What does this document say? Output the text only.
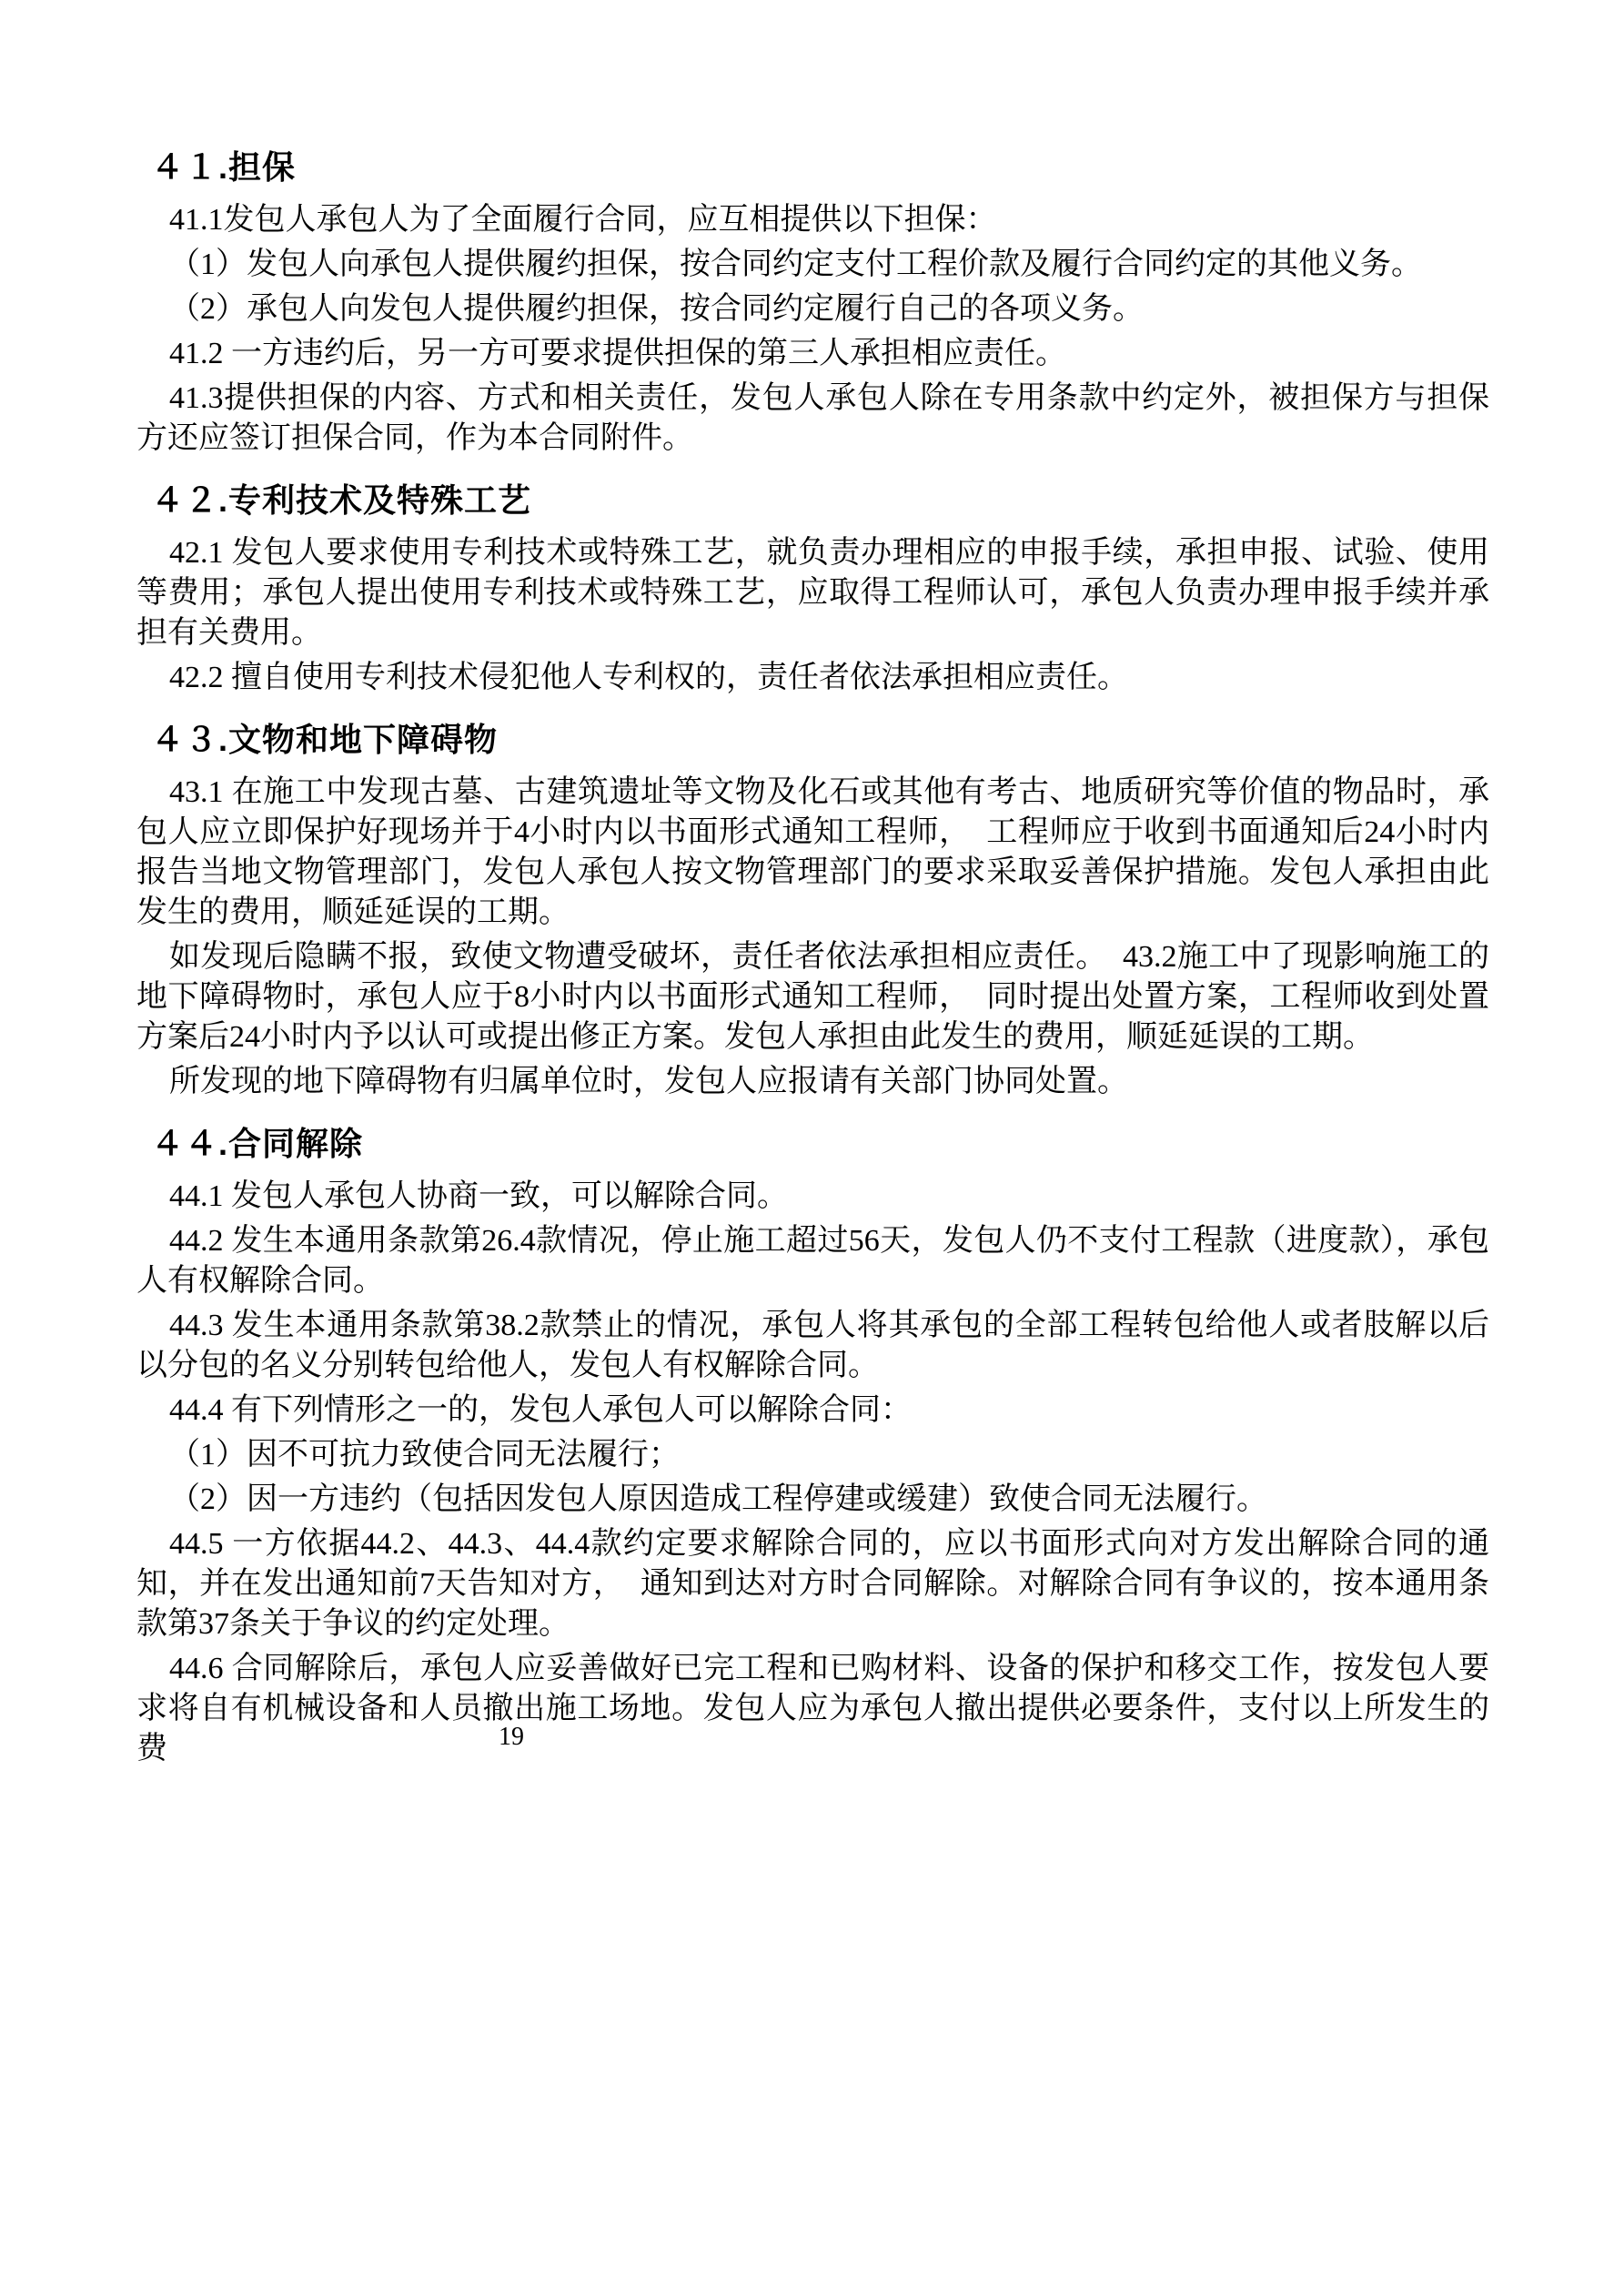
４１.担保

41.1发包人承包人为了全面履行合同，应互相提供以下担保：

（1）发包人向承包人提供履约担保，按合同约定支付工程价款及履行合同约定的其他义务。

（2）承包人向发包人提供履约担保，按合同约定履行自己的各项义务。

41.2 一方违约后，另一方可要求提供担保的第三人承担相应责任。

41.3提供担保的内容、方式和相关责任，发包人承包人除在专用条款中约定外，被担保方与担保方还应签订担保合同，作为本合同附件。

４２.专利技术及特殊工艺

42.1 发包人要求使用专利技术或特殊工艺，就负责办理相应的申报手续，承担申报、试验、使用等费用；承包人提出使用专利技术或特殊工艺，应取得工程师认可，承包人负责办理申报手续并承担有关费用。

42.2 擅自使用专利技术侵犯他人专利权的，责任者依法承担相应责任。

４３.文物和地下障碍物

43.1 在施工中发现古墓、古建筑遗址等文物及化石或其他有考古、地质研究等价值的物品时，承包人应立即保护好现场并于4小时内以书面形式通知工程师，　工程师应于收到书面通知后24小时内报告当地文物管理部门，发包人承包人按文物管理部门的要求采取妥善保护措施。发包人承担由此发生的费用，顺延延误的工期。

如发现后隐瞒不报，致使文物遭受破坏，责任者依法承担相应责任。　43.2施工中了现影响施工的地下障碍物时，承包人应于8小时内以书面形式通知工程师，　同时提出处置方案，工程师收到处置方案后24小时内予以认可或提出修正方案。发包人承担由此发生的费用，顺延延误的工期。

所发现的地下障碍物有归属单位时，发包人应报请有关部门协同处置。

４４.合同解除

44.1 发包人承包人协商一致，可以解除合同。

44.2 发生本通用条款第26.4款情况，停止施工超过56天，发包人仍不支付工程款（进度款），承包人有权解除合同。

44.3 发生本通用条款第38.2款禁止的情况，承包人将其承包的全部工程转包给他人或者肢解以后以分包的名义分别转包给他人，发包人有权解除合同。

44.4 有下列情形之一的，发包人承包人可以解除合同：

（1）因不可抗力致使合同无法履行；

（2）因一方违约（包括因发包人原因造成工程停建或缓建）致使合同无法履行。

44.5 一方依据44.2、44.3、44.4款约定要求解除合同的，应以书面形式向对方发出解除合同的通知，并在发出通知前7天告知对方，　通知到达对方时合同解除。对解除合同有争议的，按本通用条款第37条关于争议的约定处理。

44.6 合同解除后，承包人应妥善做好已完工程和已购材料、设备的保护和移交工作，按发包人要求将自有机械设备和人员撤出施工场地。发包人应为承包人撤出提供必要条件，支付以上所发生的费	19
